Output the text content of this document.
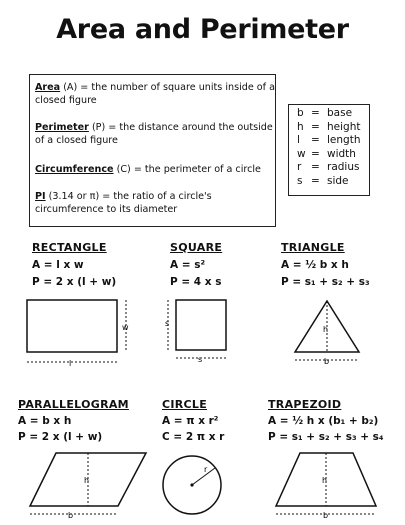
Area and Perimeter
Area (A) = the number of square units inside of a closed figure
Perimeter (P) = the distance around the outside of a closed figure
Circumference (C) = the perimeter of a circle
PI (3.14 or π) = the ratio of a circle's circumference to its diameter
b = base
h = height
l = length
w = width
r = radius
s = side
RECTANGLE
A = l x w
P = 2 x (l + w)
w
l
SQUARE
A = s²
P = 4 x s
s
s
TRIANGLE
A = ½ b x h
P = s₁ + s₂ + s₃
h
b
PARALLELOGRAM
A = b x h
P = 2 x (l + w)
h
b
CIRCLE
A = π x r²
C = 2 π x r
r
TRAPEZOID
A = ½ h x (b₁ + b₂)
P = s₁ + s₂ + s₃ + s₄
h
b
